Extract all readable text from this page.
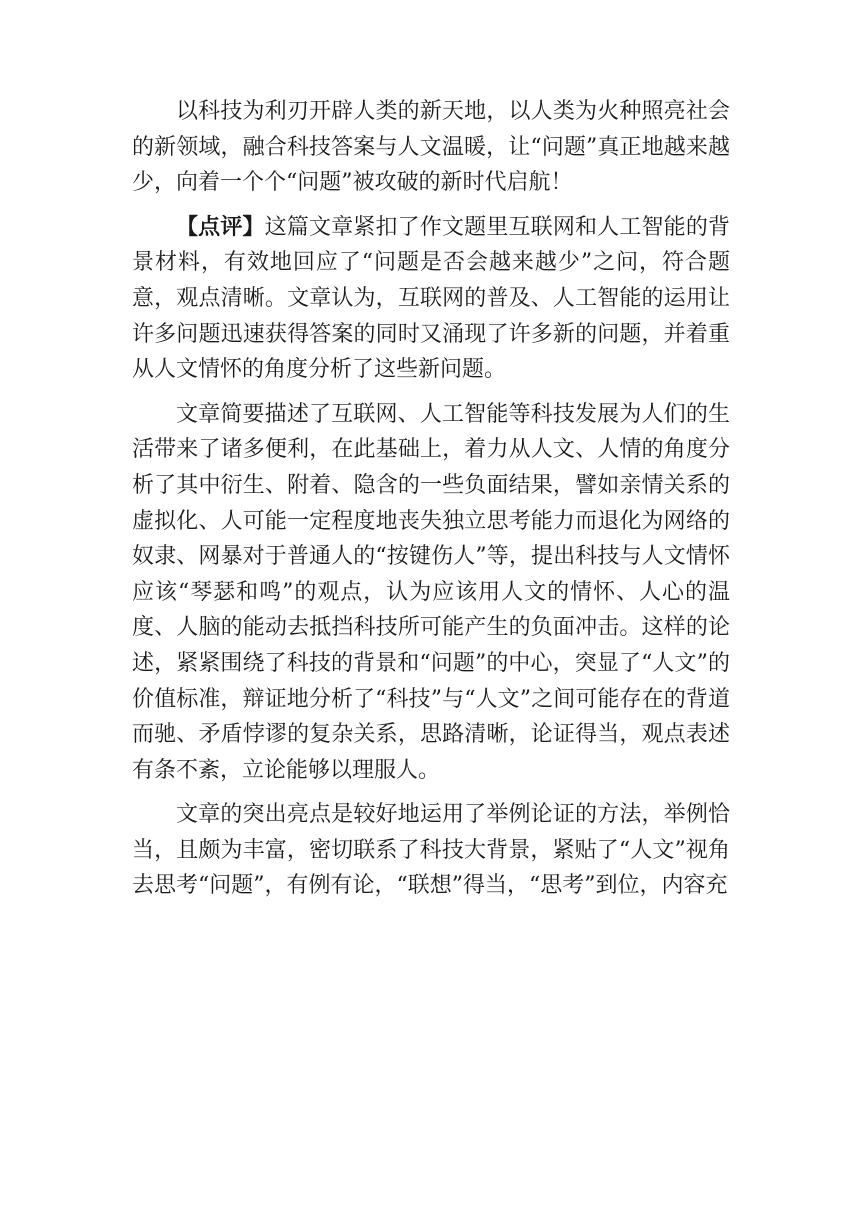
以科技为利刃开辟人类的新天地，以人类为火种照亮社会的新领域，融合科技答案与人文温暖，让“问题”真正地越来越少，向着一个个“问题”被攻破的新时代启航！

【点评】这篇文章紧扣了作文题里互联网和人工智能的背景材料，有效地回应了“问题是否会越来越少”之问，符合题意，观点清晰。文章认为，互联网的普及、人工智能的运用让许多问题迅速获得答案的同时又涌现了许多新的问题，并着重从人文情怀的角度分析了这些新问题。

文章简要描述了互联网、人工智能等科技发展为人们的生活带来了诸多便利，在此基础上，着力从人文、人情的角度分析了其中衍生、附着、隐含的一些负面结果，譬如亲情关系的虚拟化、人可能一定程度地丧失独立思考能力而退化为网络的奴隶、网暴对于普通人的“按键伤人”等，提出科技与人文情怀应该“琴瑟和鸣”的观点，认为应该用人文的情怀、人心的温度、人脑的能动去抵挡科技所可能产生的负面冲击。这样的论述，紧紧围绕了科技的背景和“问题”的中心，突显了“人文”的价值标准，辩证地分析了“科技”与“人文”之间可能存在的背道而驰、矛盾悖谬的复杂关系，思路清晰，论证得当，观点表述有条不紊，立论能够以理服人。

文章的突出亮点是较好地运用了举例论证的方法，举例恰当，且颇为丰富，密切联系了科技大背景，紧贴了“人文”视角去思考“问题”，有例有论，“联想”得当，“思考”到位，内容充
